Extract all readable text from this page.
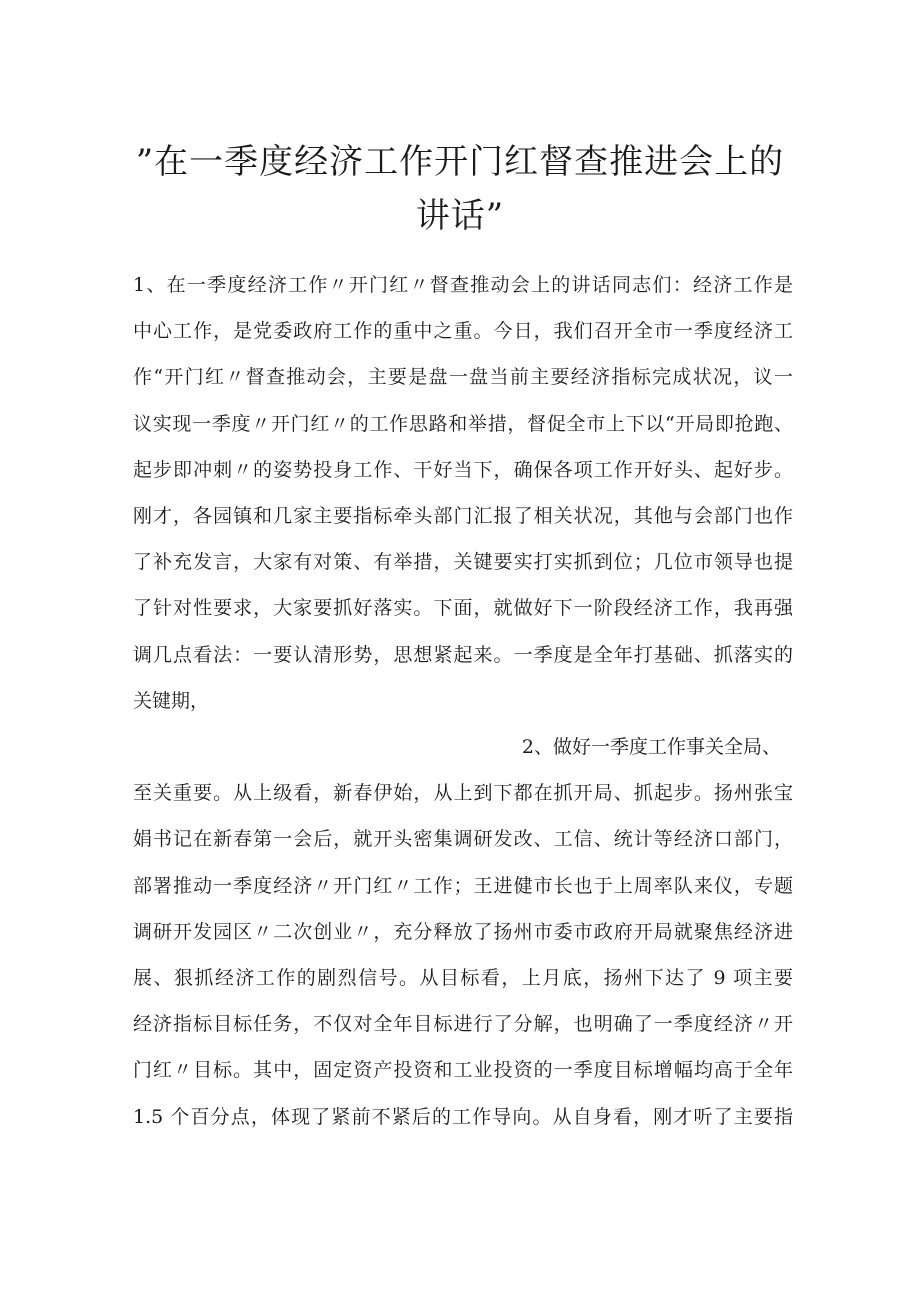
”在一季度经济工作开门红督查推进会上的
讲话”
1、在一季度经济工作〃开门红〃督查推动会上的讲话同志们：经济工作是
中心工作，是党委政府工作的重中之重。今日，我们召开全市一季度经济工
作“开门红〃督查推动会，主要是盘一盘当前主要经济指标完成状况，议一
议实现一季度〃开门红〃的工作思路和举措，督促全市上下以“开局即抢跑、
起步即冲刺〃的姿势投身工作、干好当下，确保各项工作开好头、起好步。
刚才，各园镇和几家主要指标牵头部门汇报了相关状况，其他与会部门也作
了补充发言，大家有对策、有举措，关键要实打实抓到位；几位市领导也提
了针对性要求，大家要抓好落实。下面，就做好下一阶段经济工作，我再强
调几点看法：一要认清形势，思想紧起来。一季度是全年打基础、抓落实的
关键期，
2、做好一季度工作事关全局、
至关重要。从上级看，新春伊始，从上到下都在抓开局、抓起步。扬州张宝
娟书记在新春第一会后，就开头密集调研发改、工信、统计等经济口部门，
部署推动一季度经济〃开门红〃工作；王进健市长也于上周率队来仪，专题
调研开发园区〃二次创业〃，充分释放了扬州市委市政府开局就聚焦经济进
展、狠抓经济工作的剧烈信号。从目标看，上月底，扬州下达了 9 项主要
经济指标目标任务，不仅对全年目标进行了分解，也明确了一季度经济〃开
门红〃目标。其中，固定资产投资和工业投资的一季度目标增幅均高于全年
1.5 个百分点，体现了紧前不紧后的工作导向。从自身看，刚才听了主要指
